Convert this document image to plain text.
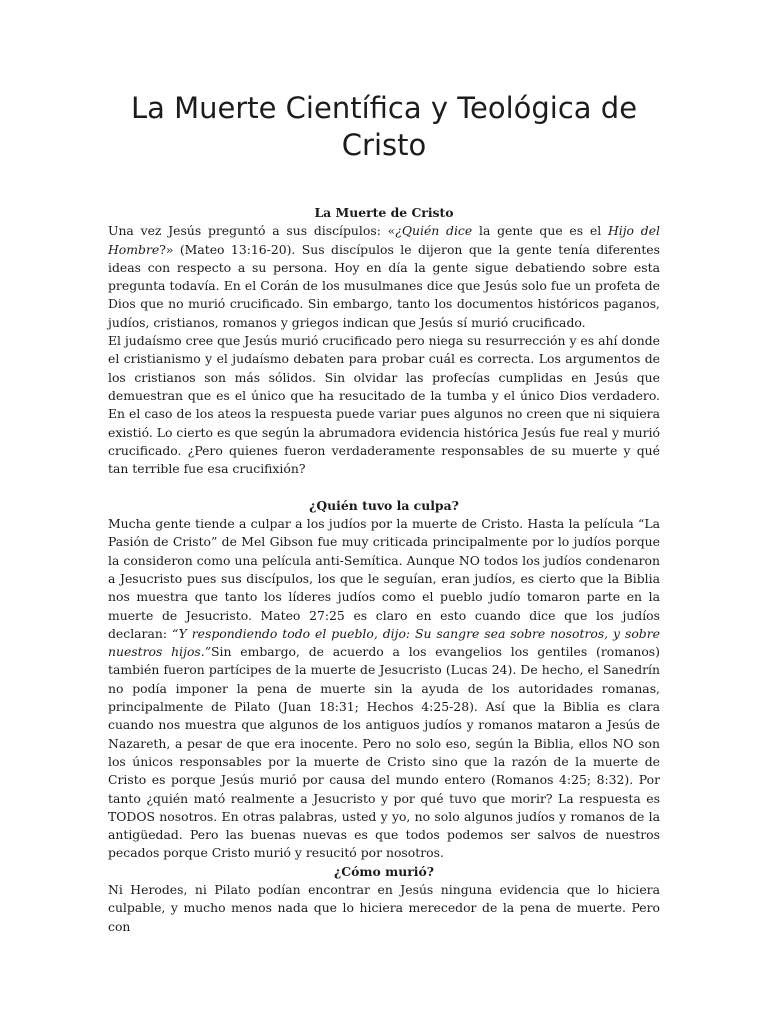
La Muerte Científica y Teológica de Cristo
La Muerte de Cristo

Una vez Jesús preguntó a sus discípulos: «¿Quién dice la gente que es el Hijo del Hombre?» (Mateo 13:16-20). Sus discípulos le dijeron que la gente tenía diferentes ideas con respecto a su persona. Hoy en día la gente sigue debatiendo sobre esta pregunta todavía. En el Corán de los musulmanes dice que Jesús solo fue un profeta de Dios que no murió crucificado. Sin embargo, tanto los documentos históricos paganos, judíos, cristianos, romanos y griegos indican que Jesús sí murió crucificado.

El judaísmo cree que Jesús murió crucificado pero niega su resurrección y es ahí donde el cristianismo y el judaísmo debaten para probar cuál es correcta. Los argumentos de los cristianos son más sólidos. Sin olvidar las profecías cumplidas en Jesús que demuestran que es el único que ha resucitado de la tumba y el único Dios verdadero. En el caso de los ateos la respuesta puede variar pues algunos no creen que ni siquiera existió. Lo cierto es que según la abrumadora evidencia histórica Jesús fue real y murió crucificado. ¿Pero quienes fueron verdaderamente responsables de su muerte y qué tan terrible fue esa crucifixión?

¿Quién tuvo la culpa?

Mucha gente tiende a culpar a los judíos por la muerte de Cristo. Hasta la película “La Pasión de Cristo” de Mel Gibson fue muy criticada principalmente por lo judíos porque la consideron como una película anti-Semítica. Aunque NO todos los judíos condenaron a Jesucristo pues sus discípulos, los que le seguían, eran judíos, es cierto que la Biblia nos muestra que tanto los líderes judíos como el pueblo judío tomaron parte en la muerte de Jesucristo. Mateo 27:25 es claro en esto cuando dice que los judíos declaran: “Y respondiendo todo el pueblo, dijo: Su sangre sea sobre nosotros, y sobre nuestros hijos.”Sin embargo, de acuerdo a los evangelios los gentiles (romanos) también fueron partícipes de la muerte de Jesucristo (Lucas 24). De hecho, el Sanedrín no podía imponer la pena de muerte sin la ayuda de los autoridades romanas, principalmente de Pilato (Juan 18:31; Hechos 4:25-28). Así que la Biblia es clara cuando nos muestra que algunos de los antiguos judíos y romanos mataron a Jesús de Nazareth, a pesar de que era inocente. Pero no solo eso, según la Biblia, ellos NO son los únicos responsables por la muerte de Cristo sino que la razón de la muerte de Cristo es porque Jesús murió por causa del mundo entero (Romanos 4:25; 8:32). Por tanto ¿quién mató realmente a Jesucristo y por qué tuvo que morir? La respuesta es TODOS nosotros. En otras palabras, usted y yo, no solo algunos judíos y romanos de la antigüedad. Pero las buenas nuevas es que todos podemos ser salvos de nuestros pecados porque Cristo murió y resucitó por nosotros.

¿Cómo murió?

Ni Herodes, ni Pilato podían encontrar en Jesús ninguna evidencia que lo hiciera culpable, y mucho menos nada que lo hiciera merecedor de la pena de muerte. Pero con
